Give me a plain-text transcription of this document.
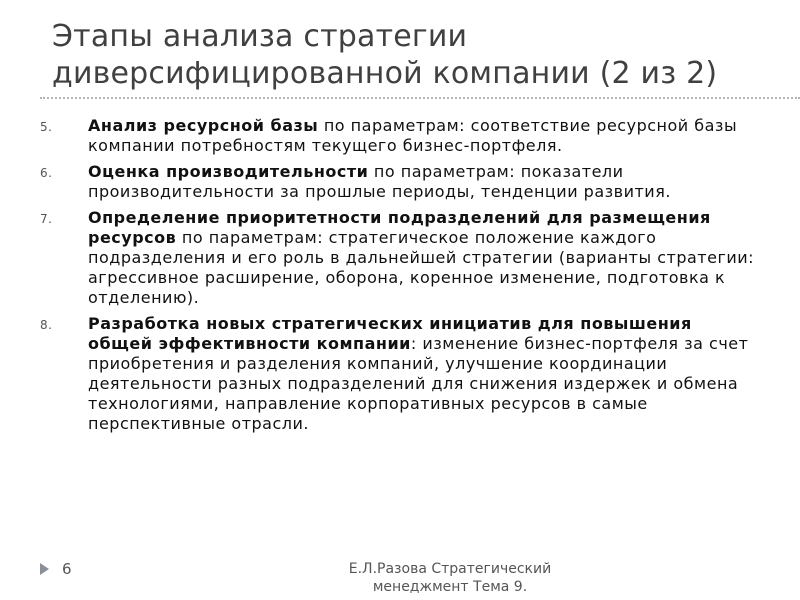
Этапы анализа стратегии диверсифицированной компании (2 из 2)
5.	Анализ ресурсной базы по параметрам: соответствие ресурсной базы компании потребностям текущего бизнес-портфеля.
6.	Оценка производительности по параметрам: показатели производительности за прошлые периоды, тенденции развития.
7.	Определение приоритетности подразделений для размещения ресурсов по параметрам: стратегическое положение каждого подразделения и его роль в дальнейшей стратегии (варианты стратегии: агрессивное расширение, оборона, коренное изменение, подготовка к отделению).
8.	Разработка новых стратегических инициатив для повышения общей эффективности компании: изменение бизнес-портфеля за счет приобретения и разделения компаний, улучшение координации деятельности разных подразделений для снижения издержек и обмена технологиями, направление корпоративных ресурсов в самые перспективные отрасли.
6	Е.Л.Разова Стратегический менеджмент Тема 9.
